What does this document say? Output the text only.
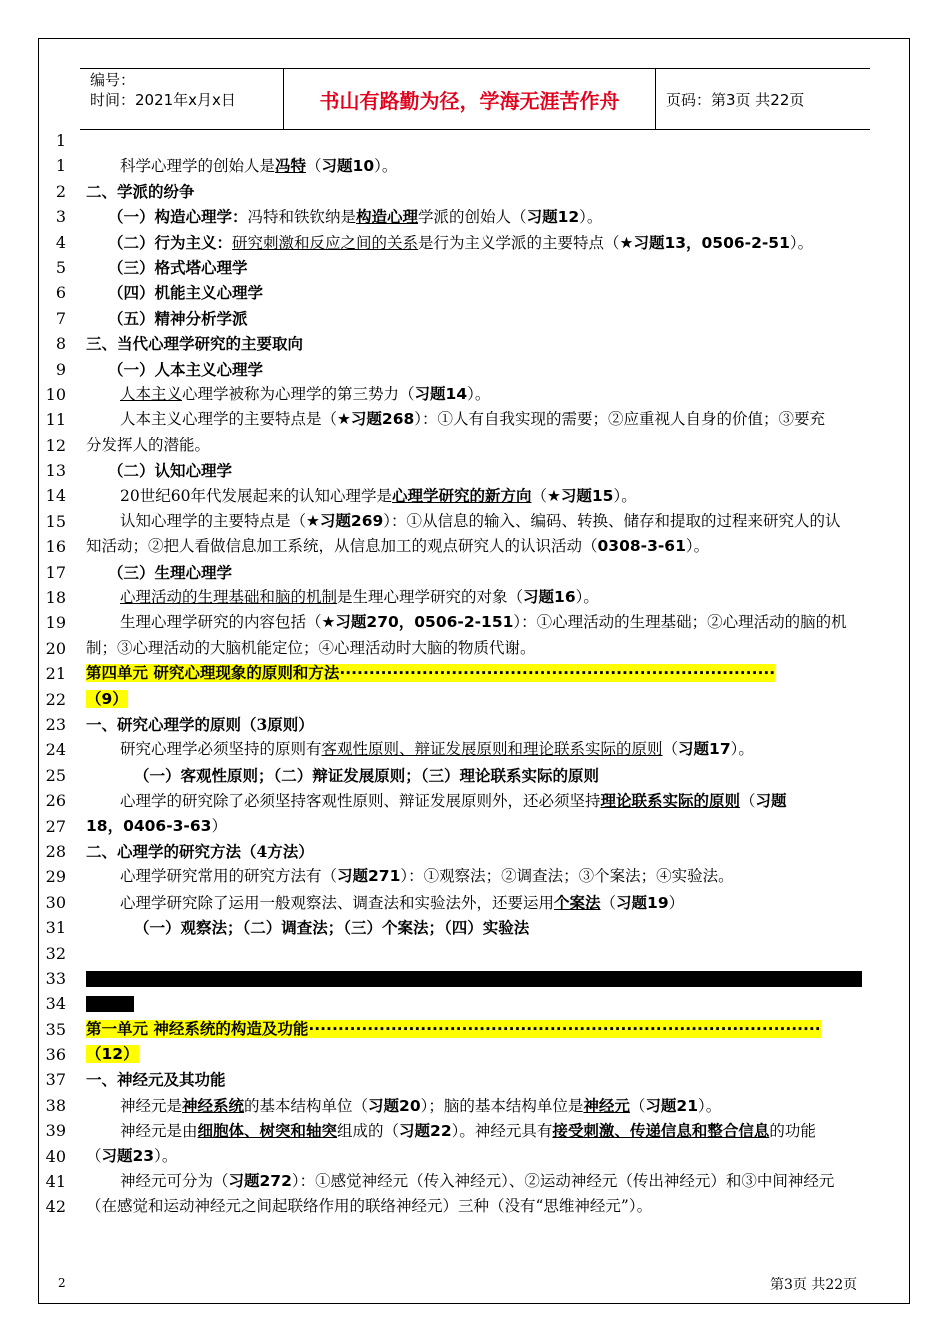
编号：
时间：2021年x月x日	书山有路勤为径，学海无涯苦作舟	页码：第3页 共22页
1
1	科学心理学的创始人是冯特（习题10）。
2 二、学派的纷争
3	（一）构造心理学：冯特和铁钦纳是构造心理学派的创始人（习题12）。
4	（二）行为主义：研究刺激和反应之间的关系是行为主义学派的主要特点（★习题13，0506-2-51）。
5	（三）格式塔心理学
6	（四）机能主义心理学
7	（五）精神分析学派
8 三、当代心理学研究的主要取向
9	（一）人本主义心理学
10	人本主义心理学被称为心理学的第三势力（习题14）。
11	人本主义心理学的主要特点是（★习题268）：①人有自我实现的需要；②应重视人自身的价值；③要充
12 分发挥人的潜能。
13	（二）认知心理学
14	20世纪60年代发展起来的认知心理学是心理学研究的新方向（★习题15）。
15	认知心理学的主要特点是（★习题269）：①从信息的输入、编码、转换、储存和提取的过程来研究人的认
16 知活动；②把人看做信息加工系统，从信息加工的观点研究人的认识活动（0308-3-61）。
17	（三）生理心理学
18	心理活动的生理基础和脑的机制是生理心理学研究的对象（习题16）。
19	生理心理学研究的内容包括（★习题270，0506-2-151）：①心理活动的生理基础；②心理活动的脑的机
20 制；③心理活动的大脑机能定位；④心理活动时大脑的物质代谢。
21 第四单元 研究心理现象的原则和方法··········································································
22 （9）
23 一、研究心理学的原则（3原则）
24	研究心理学必须坚持的原则有客观性原则、辩证发展原则和理论联系实际的原则（习题17）。
25	（一）客观性原则；（二）辩证发展原则；（三）理论联系实际的原则
26	心理学的研究除了必须坚持客观性原则、辩证发展原则外，还必须坚持理论联系实际的原则（习题
27 18，0406-3-63）
28 二、心理学的研究方法（4方法）
29	心理学研究常用的研究方法有（习题271）：①观察法；②调查法；③个案法；④实验法。
30	心理学研究除了运用一般观察法、调查法和实验法外，还要运用个案法（习题19）
31	（一）观察法；（二）调查法；（三）个案法；（四）实验法
32
33
34
35 第一单元 神经系统的构造及功能·······················································································
36 （12）
37 一、神经元及其功能
38	神经元是神经系统的基本结构单位（习题20）；脑的基本结构单位是神经元（习题21）。
39	神经元是由细胞体、树突和轴突组成的（习题22）。神经元具有接受刺激、传递信息和整合信息的功能
40 （习题23）。
41	神经元可分为（习题272）：①感觉神经元（传入神经元）、②运动神经元（传出神经元）和③中间神经元
42 （在感觉和运动神经元之间起联络作用的联络神经元）三种（没有“思维神经元”）。
2	第3页 共22页
